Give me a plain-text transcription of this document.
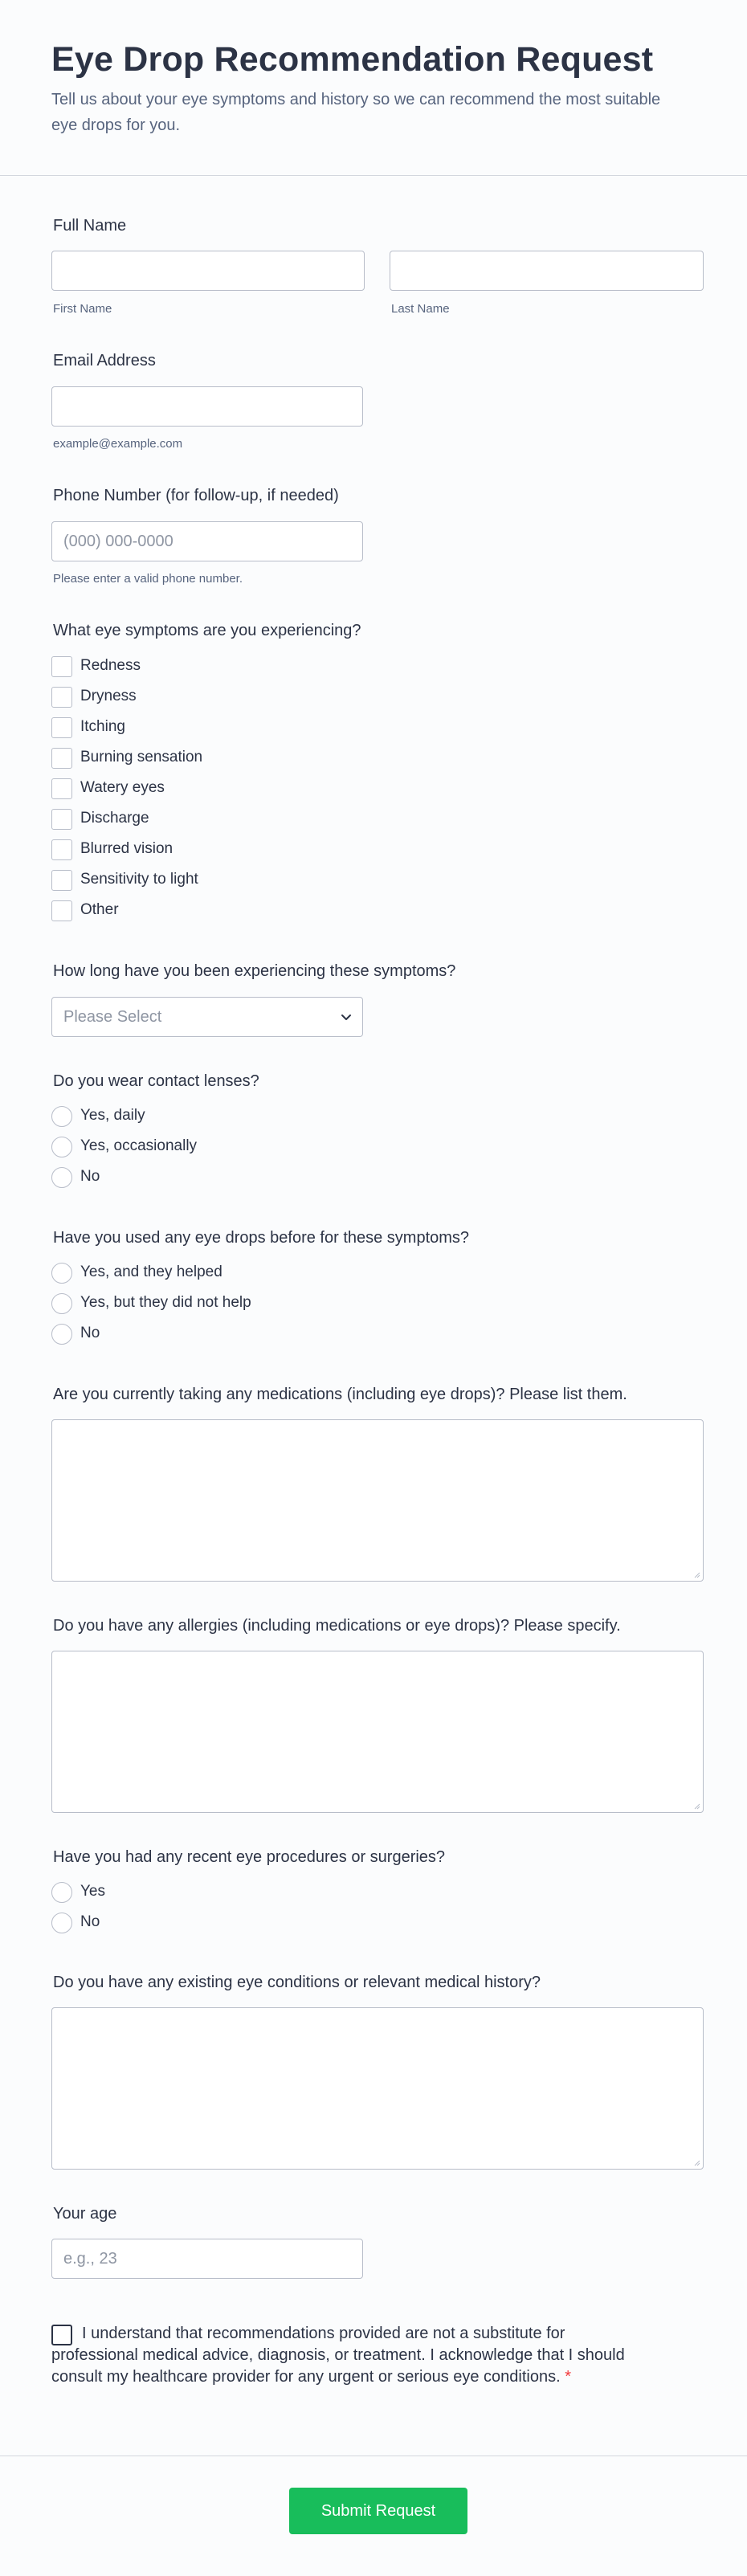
Eye Drop Recommendation Request
Tell us about your eye symptoms and history so we can recommend the most suitable eye drops for you.
Full Name
First Name	Last Name
Email Address
example@example.com
Phone Number (for follow-up, if needed)
(000) 000-0000
Please enter a valid phone number.
What eye symptoms are you experiencing?
Redness
Dryness
Itching
Burning sensation
Watery eyes
Discharge
Blurred vision
Sensitivity to light
Other
How long have you been experiencing these symptoms?
Please Select
Do you wear contact lenses?
Yes, daily
Yes, occasionally
No
Have you used any eye drops before for these symptoms?
Yes, and they helped
Yes, but they did not help
No
Are you currently taking any medications (including eye drops)? Please list them.
Do you have any allergies (including medications or eye drops)? Please specify.
Have you had any recent eye procedures or surgeries?
Yes
No
Do you have any existing eye conditions or relevant medical history?
Your age
e.g., 23
I understand that recommendations provided are not a substitute for professional medical advice, diagnosis, or treatment. I acknowledge that I should consult my healthcare provider for any urgent or serious eye conditions. *
Submit Request
